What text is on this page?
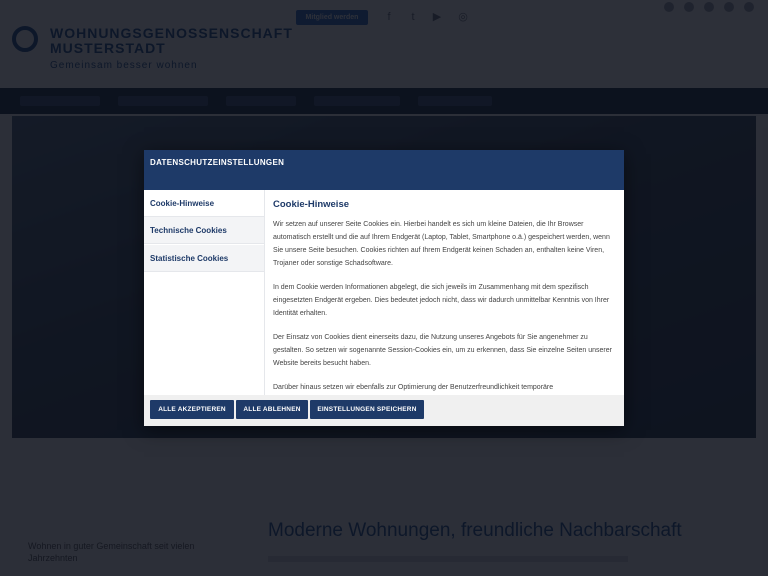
DATENSCHUTZEINSTELLUNGEN
Cookie-Hinweise
Technische Cookies
Statistische Cookies
Cookie-Hinweise

Wir setzen auf unserer Seite Cookies ein. Hierbei handelt es sich um kleine Dateien, die Ihr Browser automatisch erstellt und die auf Ihrem Endgerät (Laptop, Tablet, Smartphone o.ä.) gespeichert werden, wenn Sie unsere Seite besuchen. Cookies richten auf Ihrem Endgerät keinen Schaden an, enthalten keine Viren, Trojaner oder sonstige Schadsoftware.

In dem Cookie werden Informationen abgelegt, die sich jeweils im Zusammenhang mit dem spezifisch eingesetzten Endgerät ergeben. Dies bedeutet jedoch nicht, dass wir dadurch unmittelbar Kenntnis von Ihrer Identität erhalten.

Der Einsatz von Cookies dient einerseits dazu, die Nutzung unseres Angebots für Sie angenehmer zu gestalten. So setzen wir sogenannte Session-Cookies ein, um zu erkennen, dass Sie einzelne Seiten unserer Website bereits besucht haben.

Darüber hinaus setzen wir ebenfalls zur Optimierung der Benutzerfreundlichkeit temporäre

ALLE AKZEPTIEREN	ALLE ABLEHNEN	EINSTELLUNGEN SPEICHERN
